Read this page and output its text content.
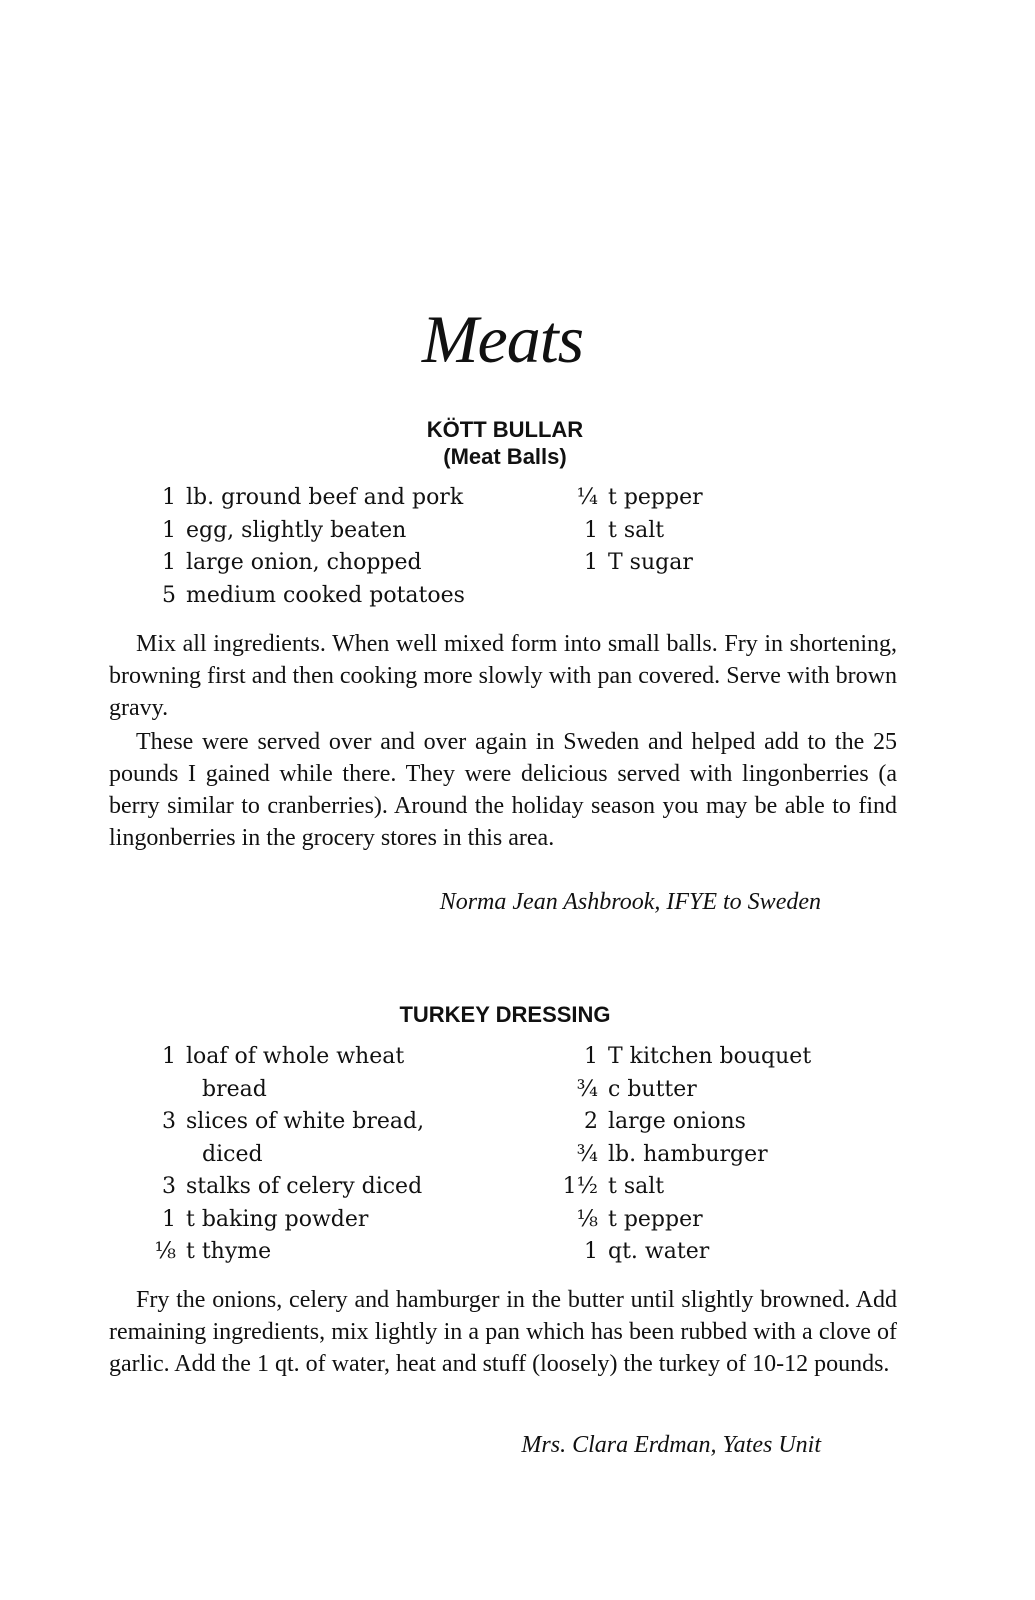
Meats
KÖTT BULLAR
(Meat Balls)
1 lb. ground beef and pork
1 egg, slightly beaten
1 large onion, chopped
5 medium cooked potatoes
¼ t pepper
1 t salt
1 T sugar

Mix all ingredients. When well mixed form into small balls. Fry in shortening, browning first and then cooking more slowly with pan covered. Serve with brown gravy.

These were served over and over again in Sweden and helped add to the 25 pounds I gained while there. They were delicious served with lingonberries (a berry similar to cranberries). Around the holiday season you may be able to find lingonberries in the grocery stores in this area.

Norma Jean Ashbrook, IFYE to Sweden

TURKEY DRESSING
1 loaf of whole wheat
bread
3 slices of white bread,
diced
3 stalks of celery diced
1 t baking powder
⅛ t thyme
1 T kitchen bouquet
¾ c butter
2 large onions
¾ lb. hamburger
1½ t salt
⅛ t pepper
1 qt. water

Fry the onions, celery and hamburger in the butter until slightly browned. Add remaining ingredients, mix lightly in a pan which has been rubbed with a clove of garlic. Add the 1 qt. of water, heat and stuff (loosely) the turkey of 10-12 pounds.

Mrs. Clara Erdman, Yates Unit
